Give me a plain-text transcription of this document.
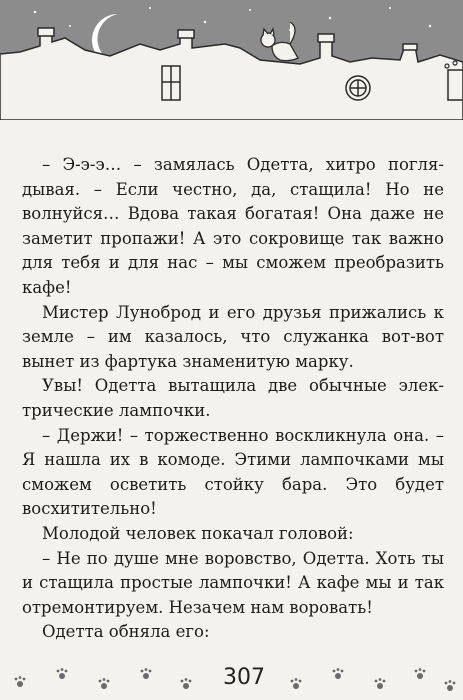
– Э-э-э… – замялась Одетта, хитро поглядывая. – Если честно, да, стащила! Но не волнуйся… Вдова такая богатая! Она даже не заметит пропажи! А это сокровище так важно для тебя и для нас – мы сможем преобразить кафе!

Мистер Луноброд и его друзья прижались к земле – им казалось, что служанка вот-вот вынет из фартука знаменитую марку.

Увы! Одетта вытащила две обычные электрические лампочки.

– Держи! – торжественно воскликнула она. – Я нашла их в комоде. Этими лампочками мы сможем осветить стойку бара. Это будет восхитительно!

Молодой человек покачал головой:

– Не по душе мне воровство, Одетта. Хоть ты и стащила простые лампочки! А кафе мы и так отремонтируем. Незачем нам воровать!

Одетта обняла его:

307
